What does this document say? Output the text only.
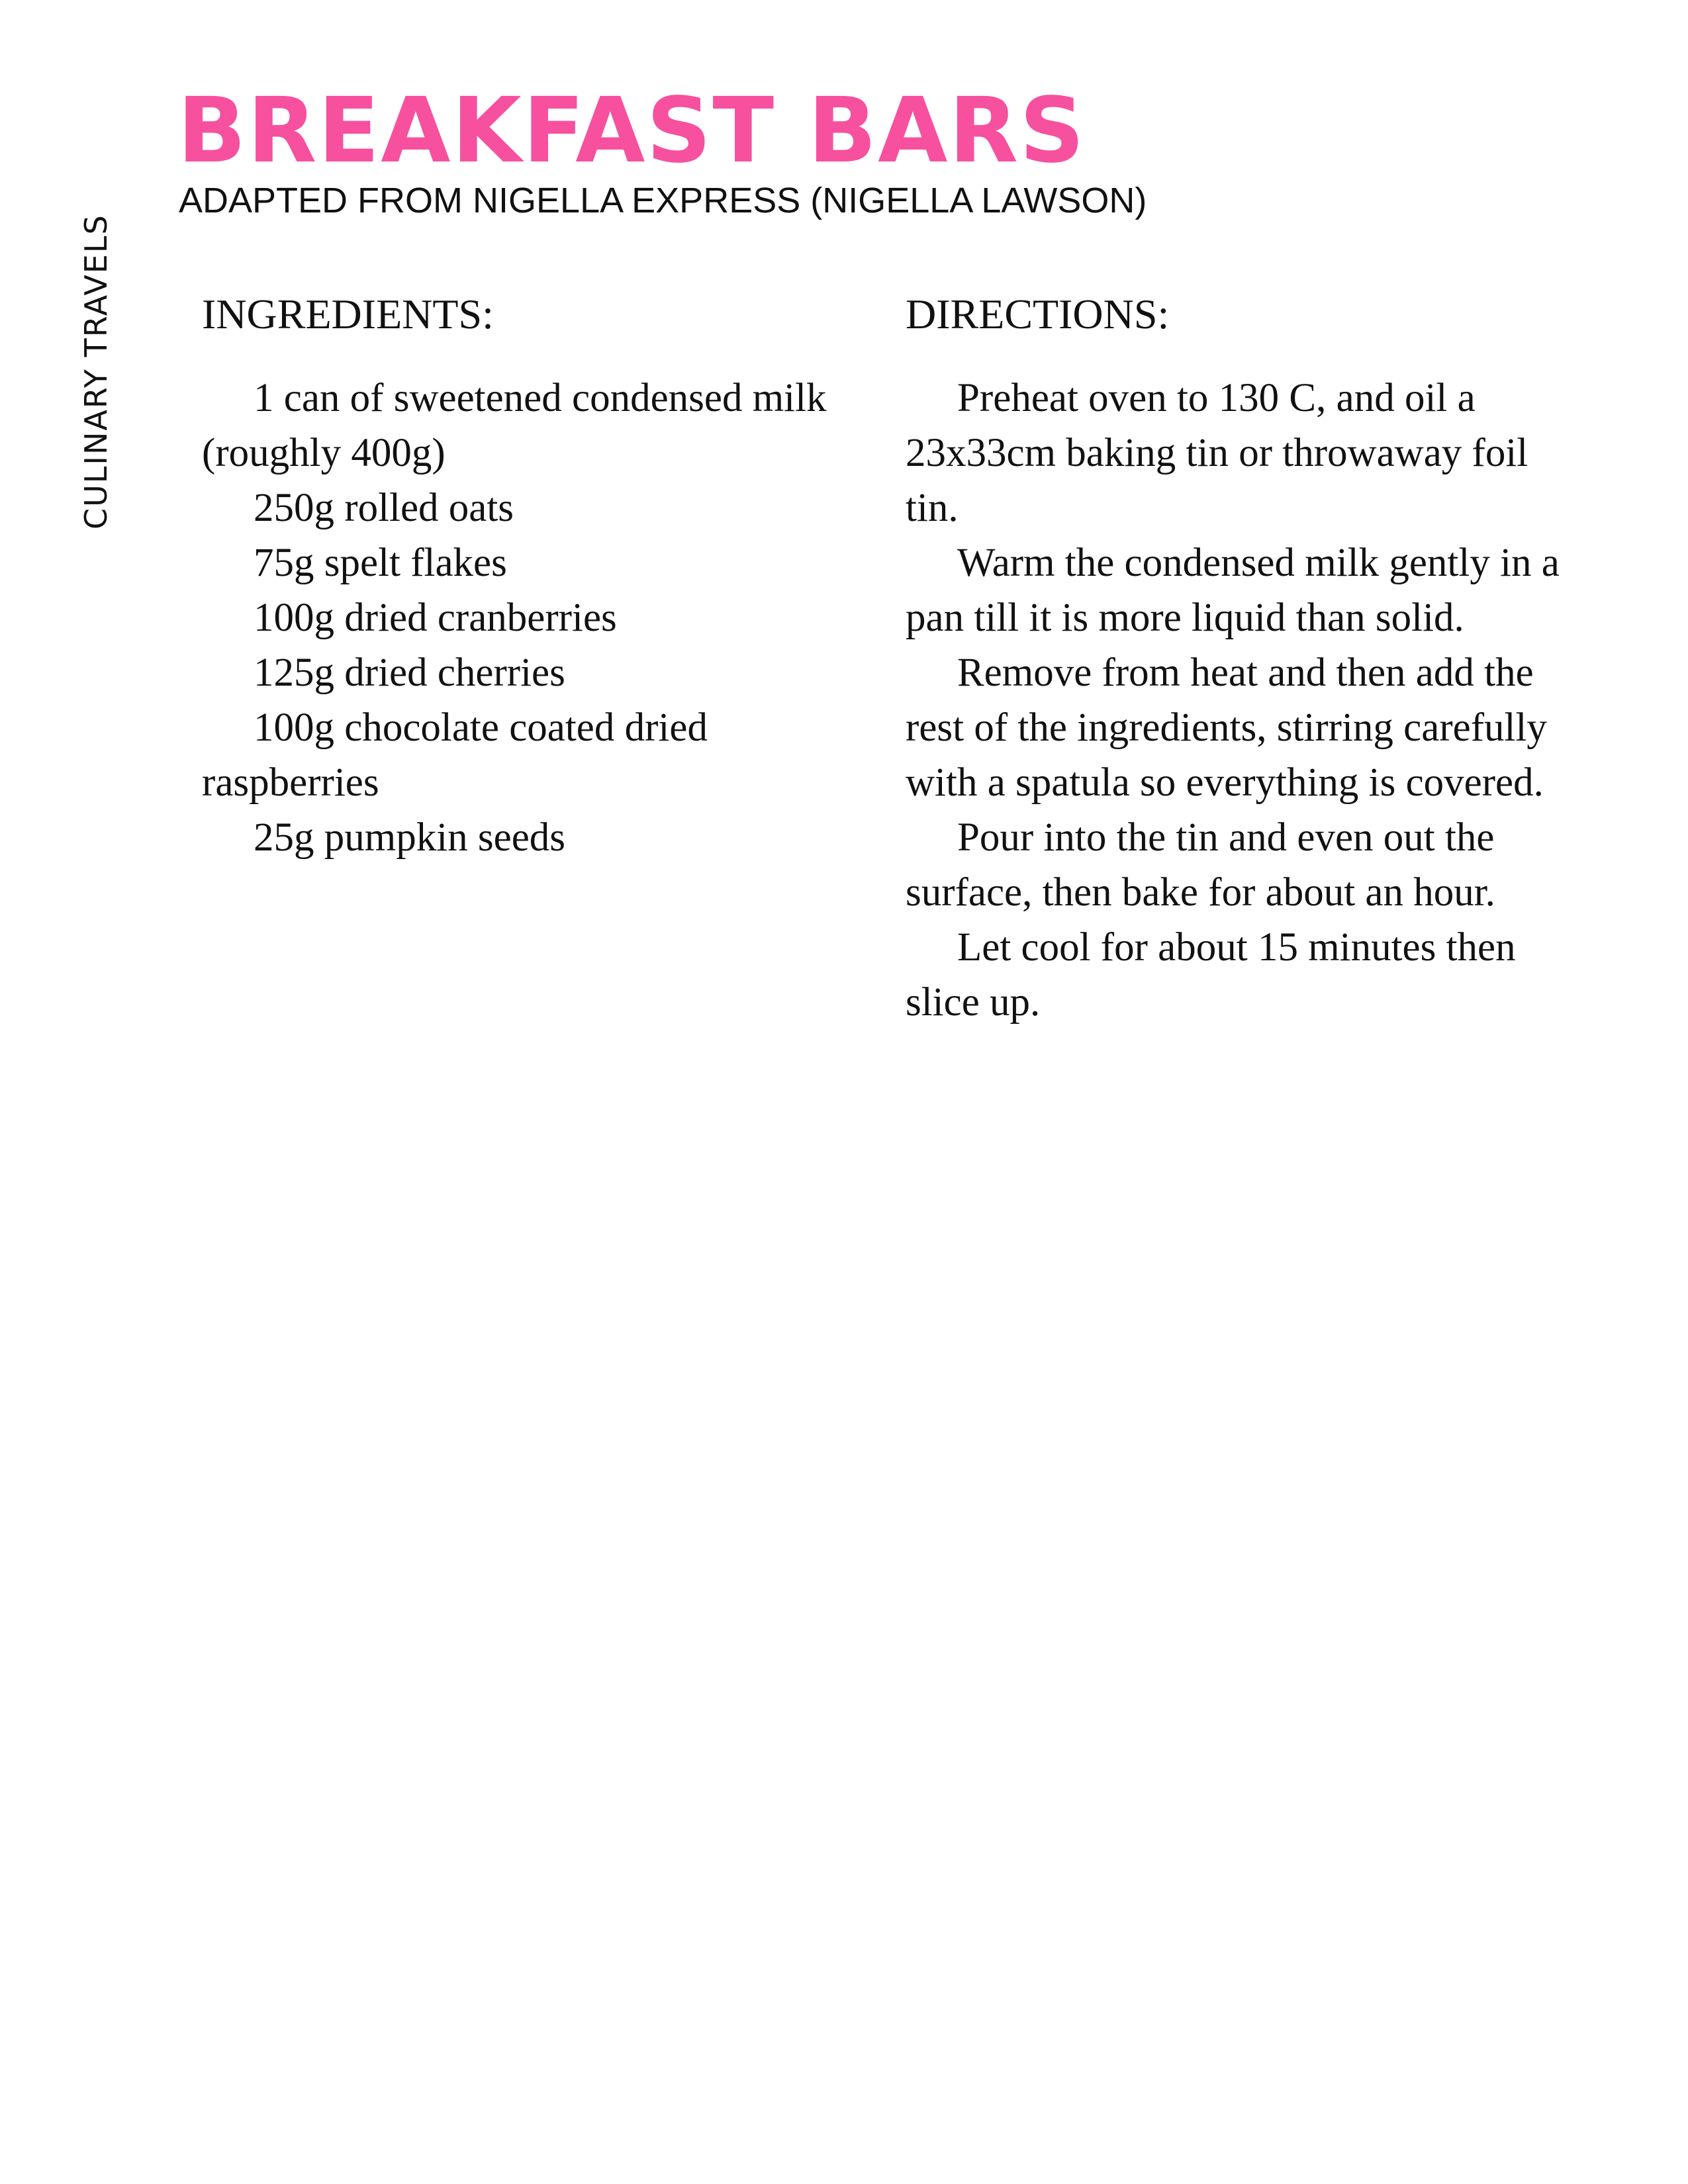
CULINARY TRAVELS
BREAKFAST BARS

ADAPTED FROM NIGELLA EXPRESS (NIGELLA LAWSON)

INGREDIENTS:
1 can of sweetened condensed milk (roughly 400g)
250g rolled oats
75g spelt flakes
100g dried cranberries
125g dried cherries
100g chocolate coated dried raspberries
25g pumpkin seeds
DIRECTIONS:

Preheat oven to 130 C, and oil a 23x33cm baking tin or throwaway foil tin.

Warm the condensed milk gently in a pan till it is more liquid than solid.

Remove from heat and then add the rest of the ingredients, stirring carefully with a spatula so everything is covered.

Pour into the tin and even out the surface, then bake for about an hour.

Let cool for about 15 minutes then slice up.
